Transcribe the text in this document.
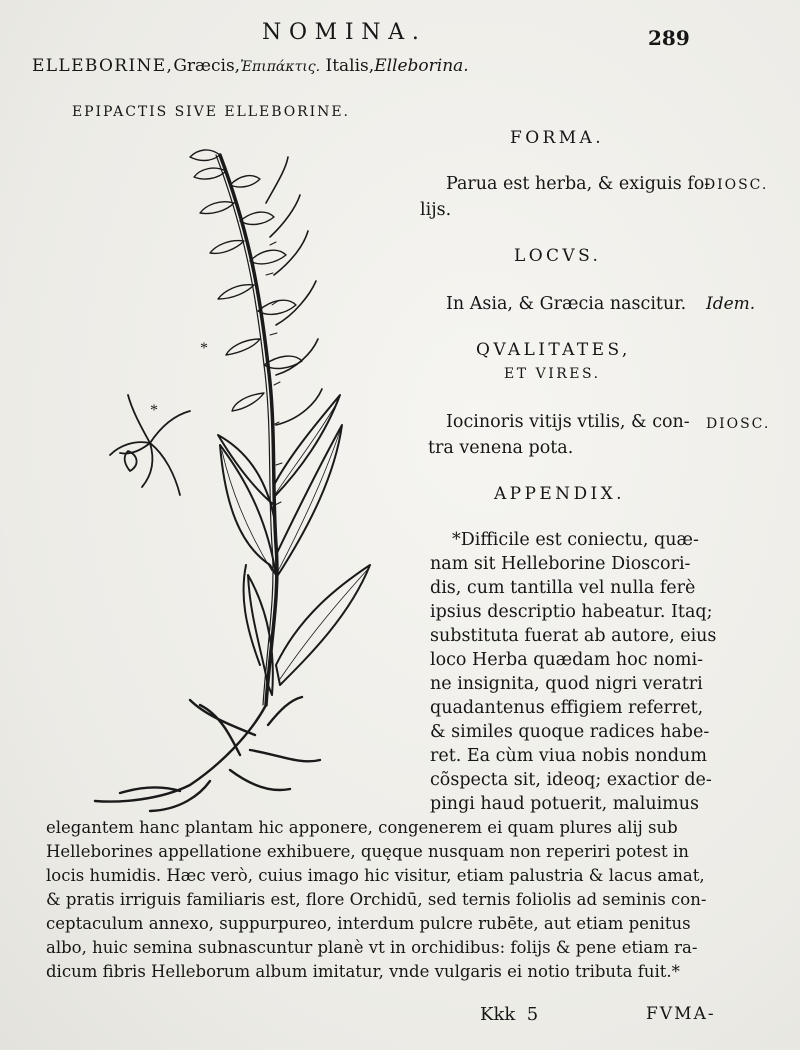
NOMINA.	289
ELLEBORINE,Græcis,Ἐπιπάκτις. Italis,Elleborina.
EPIPACTIS SIVE ELLEBORINE.
FORMA.
Parua est herba, & exiguis fo-
DIOSC.
lijs.
LOCVS.
In Asia, & Græcia nascitur. Idem.
QVALITATES,
ET VIRES.
Iocinoris vitijs vtilis, & con- DIOSC.
tra venena pota.
APPENDIX.
*Difficile est coniectu, quæ-
nam sit Helleborine Dioscori-
dis, cum tantilla vel nulla ferè
ipsius descriptio habeatur. Itaq;
substituta fuerat ab autore, eius
loco Herba quædam hoc nomi-
ne insignita, quod nigri veratri
quadantenus effigiem referret,
& similes quoque radices habe-
ret. Ea cùm viua nobis nondum
cõspecta sit, ideoq; exactior de-
pingi haud potuerit, maluimus
elegantem hanc plantam hic apponere, congenerem ei quam plures alij sub
Helleborines appellatione exhibuere, quęque nusquam non reperiri potest in
locis humidis. Hæc verò, cuius imago hic visitur, etiam palustria & lacus amat,
& pratis irriguis familiaris est, flore Orchidū, sed ternis foliolis ad seminis con-
ceptaculum annexo, suppurpureo, interdum pulcre rubēte, aut etiam penitus
albo, huic semina subnascuntur planè vt in orchidibus: folijs & pene etiam ra-
dicum fibris Helleborum album imitatur, vnde vulgaris ei notio tributa fuit.*
Kkk 5	FVMA-
*
*
